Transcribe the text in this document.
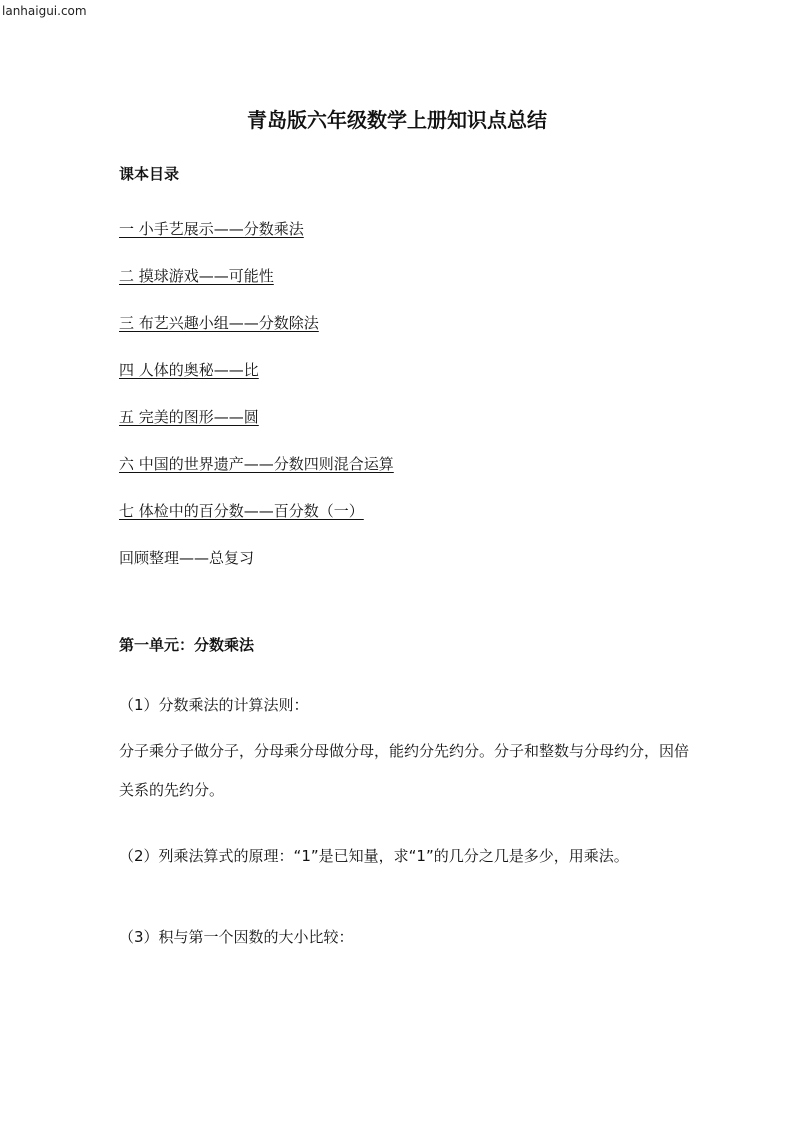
lanhaigui.com
青岛版六年级数学上册知识点总结
课本目录
一 小手艺展示——分数乘法
二 摸球游戏——可能性
三 布艺兴趣小组——分数除法
四 人体的奥秘——比
五 完美的图形——圆
六 中国的世界遗产——分数四则混合运算
七 体检中的百分数——百分数（一）
回顾整理——总复习
第一单元：分数乘法

（1）分数乘法的计算法则：

分子乘分子做分子，分母乘分母做分母，能约分先约分。分子和整数与分母约分，因倍关系的先约分。

（2）列乘法算式的原理：“1”是已知量，求“1”的几分之几是多少，用乘法。

（3）积与第一个因数的大小比较：
